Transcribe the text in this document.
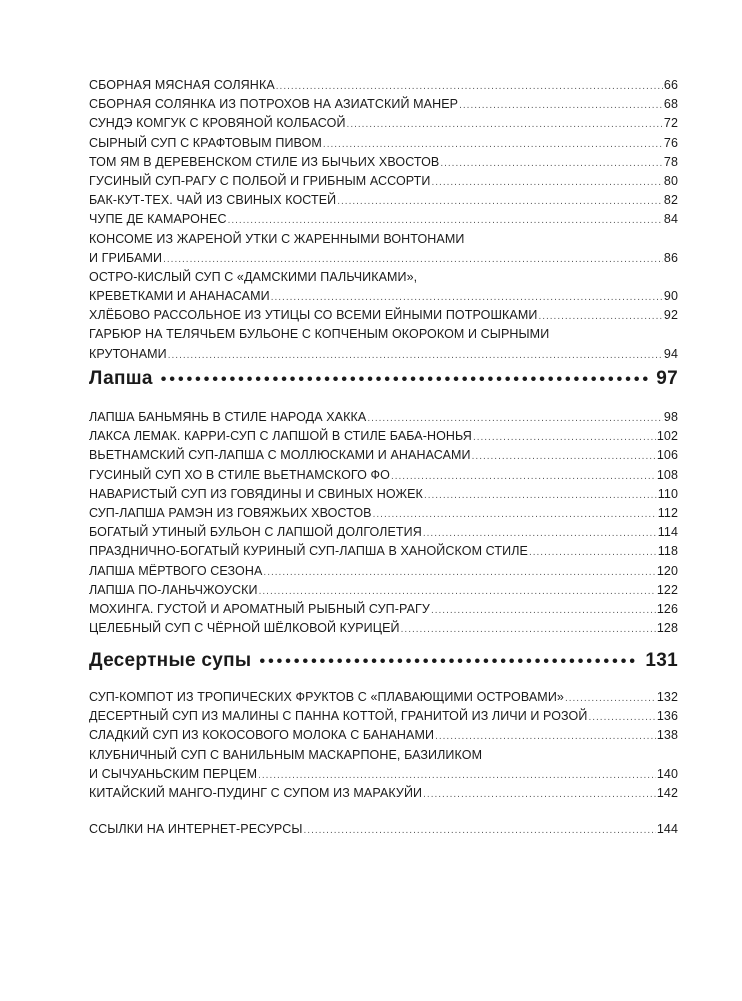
СБОРНАЯ МЯСНАЯ СОЛЯНКА .....	66
СБОРНАЯ СОЛЯНКА ИЗ ПОТРОХОВ НА АЗИАТСКИЙ МАНЕР .....	68
СУНДЭ КОМГУК С КРОВЯНОЙ КОЛБАСОЙ .....	72
СЫРНЫЙ СУП С КРАФТОВЫМ ПИВОМ .....	76
ТОМ ЯМ В ДЕРЕВЕНСКОМ СТИЛЕ ИЗ БЫЧЬИХ ХВОСТОВ .....	78
ГУСИНЫЙ СУП-РАГУ С ПОЛБОЙ И ГРИБНЫМ АССОРТИ .....	80
БАК-КУТ-ТЕХ. ЧАЙ ИЗ СВИНЫХ КОСТЕЙ .....	82
ЧУПЕ ДЕ КАМАРОНЕС .....	84
КОНСОМЕ ИЗ ЖАРЕНОЙ УТКИ С ЖАРЕННЫМИ ВОНТОНАМИ
И ГРИБАМИ .....	86
ОСТРО-КИСЛЫЙ СУП С «ДАМСКИМИ ПАЛЬЧИКАМИ»,
КРЕВЕТКАМИ И АНАНАСАМИ .....	90
ХЛЁБОВО РАССОЛЬНОЕ ИЗ УТИЦЫ СО ВСЕМИ ЕЙНЫМИ ПОТРОШКАМИ .....	92
ГАРБЮР НА ТЕЛЯЧЬЕМ БУЛЬОНЕ С КОПЧЕНЫМ ОКОРОКОМ И СЫРНЫМИ
КРУТОНАМИ .....	94
Лапша •••••	97
ЛАПША БАНЬМЯНЬ В СТИЛЕ НАРОДА ХАККА .....	98
ЛАКСА ЛЕМАК. КАРРИ-СУП С ЛАПШОЙ В СТИЛЕ БАБА-НОНЬЯ .....	102
ВЬЕТНАМСКИЙ СУП-ЛАПША С МОЛЛЮСКАМИ И АНАНАСАМИ .....	106
ГУСИНЫЙ СУП ХО В СТИЛЕ ВЬЕТНАМСКОГО ФО .....	108
НАВАРИСТЫЙ СУП ИЗ ГОВЯДИНЫ И СВИНЫХ НОЖЕК .....	110
СУП-ЛАПША РАМЭН ИЗ ГОВЯЖЬИХ ХВОСТОВ .....	112
БОГАТЫЙ УТИНЫЙ БУЛЬОН С ЛАПШОЙ ДОЛГОЛЕТИЯ .....	114
ПРАЗДНИЧНО-БОГАТЫЙ КУРИНЫЙ СУП-ЛАПША В ХАНОЙСКОМ СТИЛЕ .....	118
ЛАПША МЁРТВОГО СЕЗОНА .....	120
ЛАПША ПО-ЛАНЬЧЖОУСКИ .....	122
МОХИНГА. ГУСТОЙ И АРОМАТНЫЙ РЫБНЫЙ СУП-РАГУ .....	126
ЦЕЛЕБНЫЙ СУП С ЧЁРНОЙ ШЁЛКОВОЙ КУРИЦЕЙ .....	128
Десертные супы •••••	131
СУП-КОМПОТ ИЗ ТРОПИЧЕСКИХ ФРУКТОВ С «ПЛАВАЮЩИМИ ОСТРОВАМИ» .....	132
ДЕСЕРТНЫЙ СУП ИЗ МАЛИНЫ С ПАННА КОТТОЙ, ГРАНИТОЙ ИЗ ЛИЧИ И РОЗОЙ .....	136
СЛАДКИЙ СУП ИЗ КОКОСОВОГО МОЛОКА С БАНАНАМИ .....	138
КЛУБНИЧНЫЙ СУП С ВАНИЛЬНЫМ МАСКАРПОНЕ, БАЗИЛИКОМ
И СЫЧУАНЬСКИМ ПЕРЦЕМ .....	140
КИТАЙСКИЙ МАНГО-ПУДИНГ С СУПОМ ИЗ МАРАКУЙИ .....	142
ССЫЛКИ НА ИНТЕРНЕТ-РЕСУРСЫ .....	144
